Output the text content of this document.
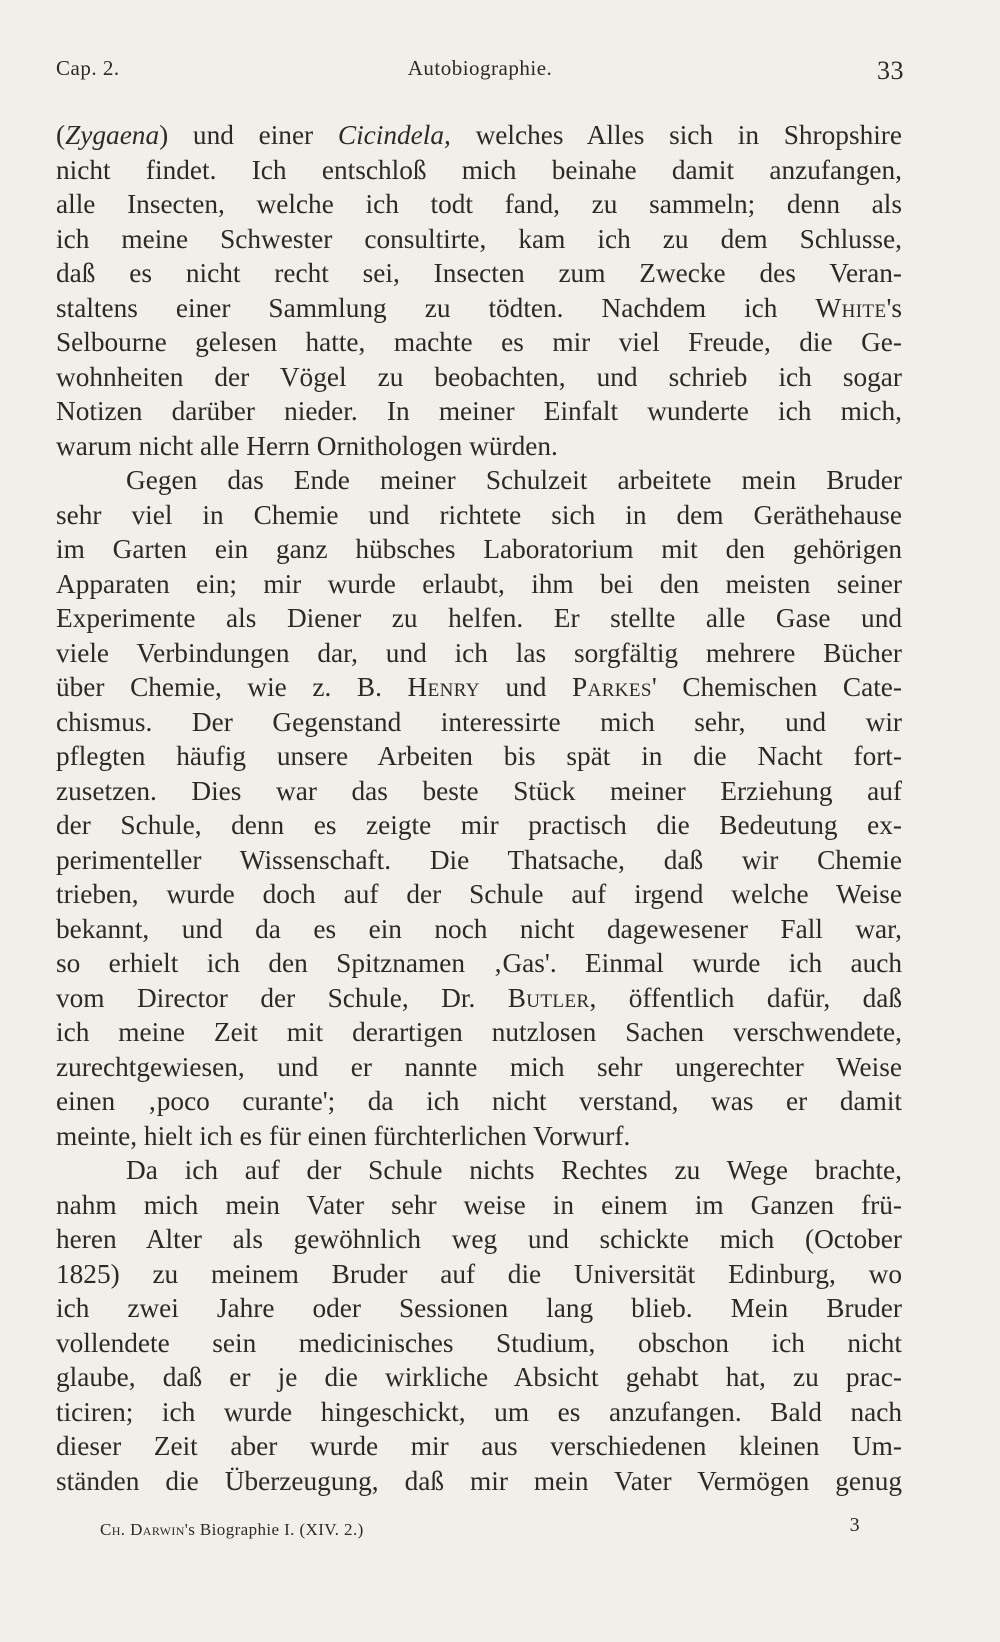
Cap. 2.	Autobiographie.	33
(Zygaena) und einer Cicindela, welches Alles sich in Shropshire
nicht findet. Ich entschloß mich beinahe damit anzufangen,
alle Insecten, welche ich todt fand, zu sammeln; denn als
ich meine Schwester consultirte, kam ich zu dem Schlusse,
daß es nicht recht sei, Insecten zum Zwecke des Veran-
staltens einer Sammlung zu tödten. Nachdem ich White's
Selbourne gelesen hatte, machte es mir viel Freude, die Ge-
wohnheiten der Vögel zu beobachten, und schrieb ich sogar
Notizen darüber nieder. In meiner Einfalt wunderte ich mich,
warum nicht alle Herrn Ornithologen würden.
Gegen das Ende meiner Schulzeit arbeitete mein Bruder
sehr viel in Chemie und richtete sich in dem Geräthehause
im Garten ein ganz hübsches Laboratorium mit den gehörigen
Apparaten ein; mir wurde erlaubt, ihm bei den meisten seiner
Experimente als Diener zu helfen. Er stellte alle Gase und
viele Verbindungen dar, und ich las sorgfältig mehrere Bücher
über Chemie, wie z. B. Henry und Parkes' Chemischen Cate-
chismus. Der Gegenstand interessirte mich sehr, und wir
pflegten häufig unsere Arbeiten bis spät in die Nacht fort-
zusetzen. Dies war das beste Stück meiner Erziehung auf
der Schule, denn es zeigte mir practisch die Bedeutung ex-
perimenteller Wissenschaft. Die Thatsache, daß wir Chemie
trieben, wurde doch auf der Schule auf irgend welche Weise
bekannt, und da es ein noch nicht dagewesener Fall war,
so erhielt ich den Spitznamen ‚Gas'. Einmal wurde ich auch
vom Director der Schule, Dr. Butler, öffentlich dafür, daß
ich meine Zeit mit derartigen nutzlosen Sachen verschwendete,
zurechtgewiesen, und er nannte mich sehr ungerechter Weise
einen ‚poco curante'; da ich nicht verstand, was er damit
meinte, hielt ich es für einen fürchterlichen Vorwurf.
Da ich auf der Schule nichts Rechtes zu Wege brachte,
nahm mich mein Vater sehr weise in einem im Ganzen frü-
heren Alter als gewöhnlich weg und schickte mich (October
1825) zu meinem Bruder auf die Universität Edinburg, wo
ich zwei Jahre oder Sessionen lang blieb. Mein Bruder
vollendete sein medicinisches Studium, obschon ich nicht
glaube, daß er je die wirkliche Absicht gehabt hat, zu prac-
ticiren; ich wurde hingeschickt, um es anzufangen. Bald nach
dieser Zeit aber wurde mir aus verschiedenen kleinen Um-
ständen die Überzeugung, daß mir mein Vater Vermögen genug
Ch. Darwin's Biographie I. (XIV. 2.)	3
